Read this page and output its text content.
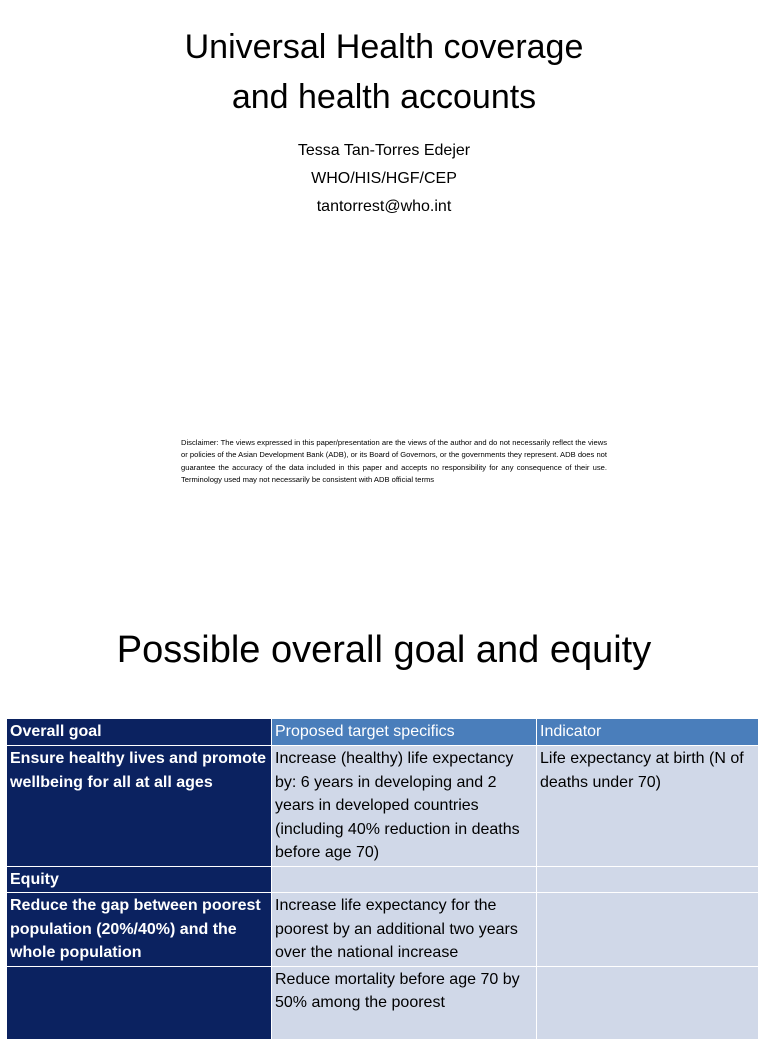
Universal Health coverage
and health accounts
Tessa Tan-Torres Edejer
WHO/HIS/HGF/CEP
tantorrest@who.int

Disclaimer: The views expressed in this paper/presentation are the views of the author and do not necessarily reflect the views or policies of the Asian Development Bank (ADB), or its Board of Governors, or the governments they represent. ADB does not guarantee the accuracy of the data included in this paper and accepts no responsibility for any consequence of their use. Terminology used may not necessarily be consistent with ADB official terms

Possible overall goal and equity
Overall goal	Proposed target specifics	Indicator
Ensure healthy lives and promote wellbeing for all at all ages	Increase (healthy) life expectancy by: 6 years in developing and 2 years in developed countries (including 40% reduction in deaths before age 70)	Life expectancy at birth (N of deaths under 70)
Equity		
Reduce the gap between poorest population (20%/40%) and the whole population	Increase life expectancy for the poorest by an additional two years over the national increase	
	Reduce mortality before age 70 by 50% among the poorest	
